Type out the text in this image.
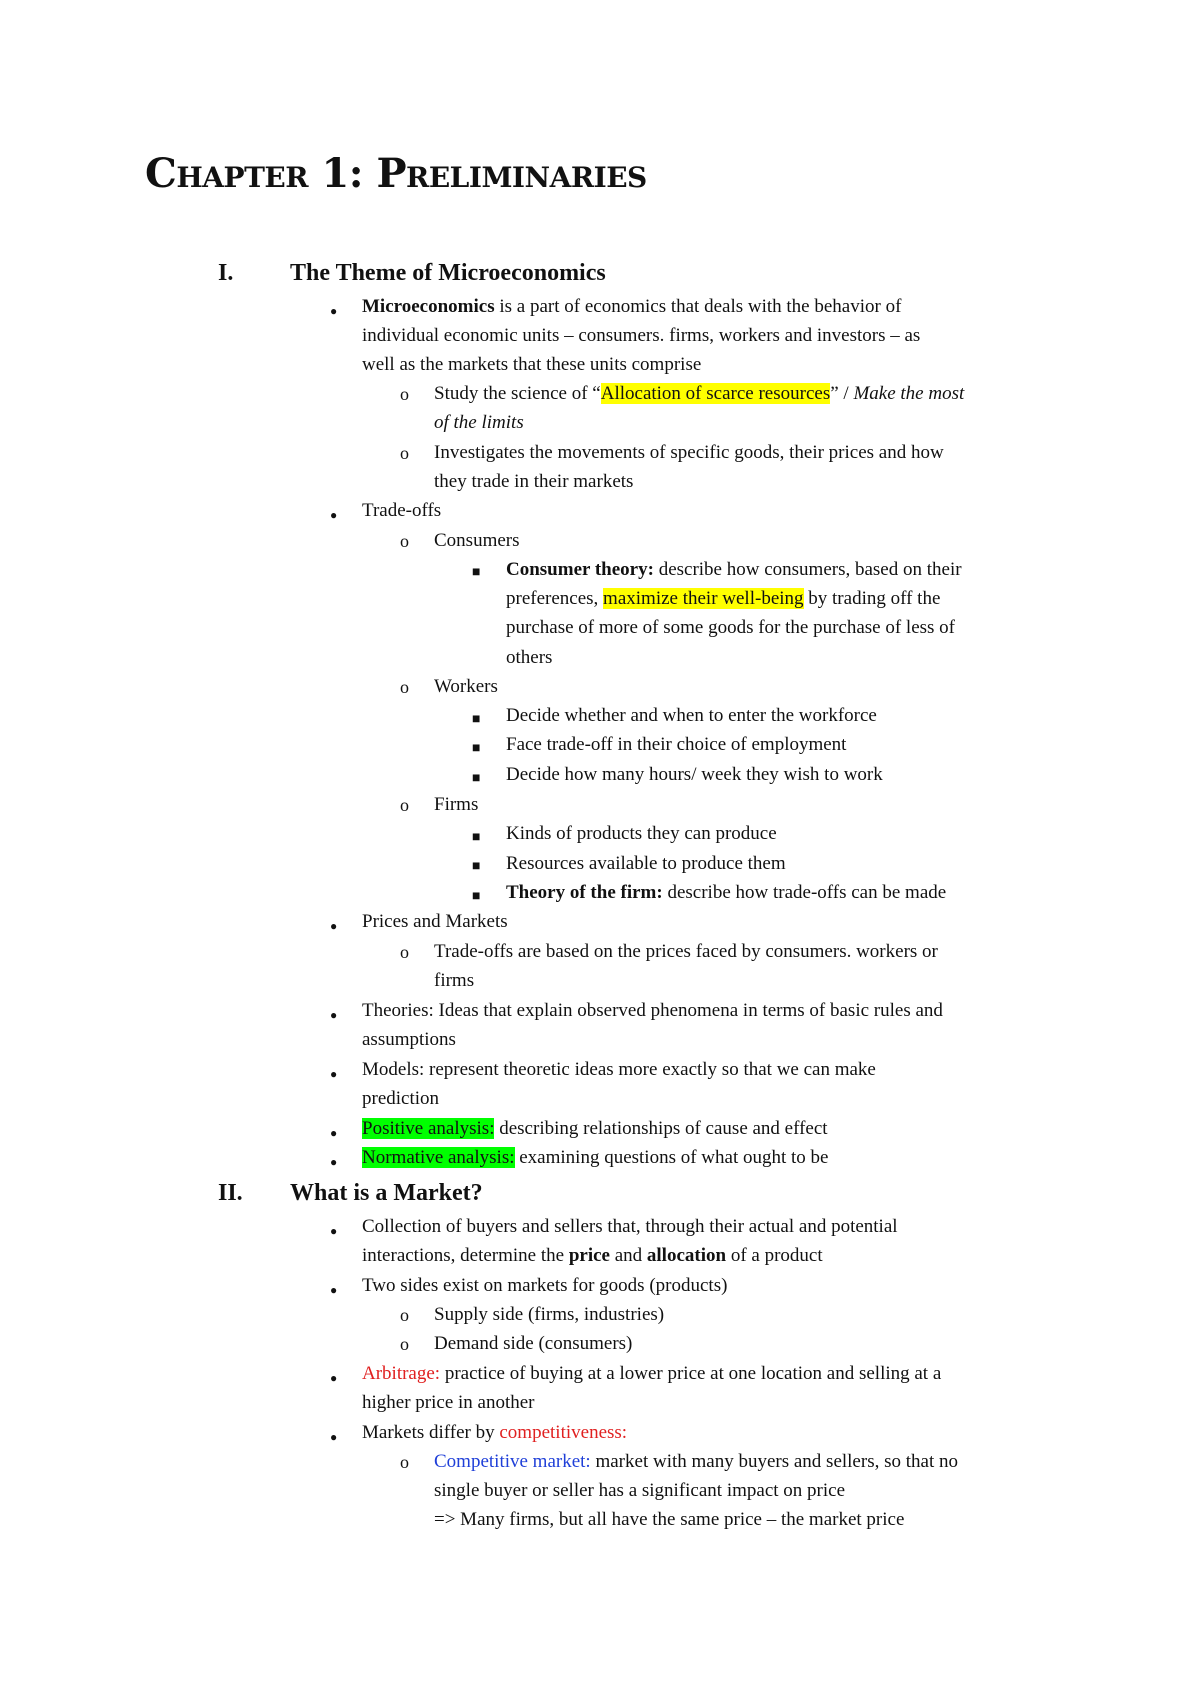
Chapter 1: Preliminaries
I. The Theme of Microeconomics
●
Microeconomics is a part of economics that deals with the behavior of
individual economic units – consumers. firms, workers and investors – as
well as the markets that these units comprise
o
Study the science of “Allocation of scarce resources” / Make the most
of the limits
o
Investigates the movements of specific goods, their prices and how
they trade in their markets
●
Trade-offs
o
Consumers
■
Consumer theory: describe how consumers, based on their
preferences, maximize their well-being by trading off the
purchase of more of some goods for the purchase of less of
others
o
Workers
■
Decide whether and when to enter the workforce
■
Face trade-off in their choice of employment
■
Decide how many hours/ week they wish to work
o
Firms
■
Kinds of products they can produce
■
Resources available to produce them
■
Theory of the firm: describe how trade-offs can be made
●
Prices and Markets
o
Trade-offs are based on the prices faced by consumers. workers or
firms
●
Theories: Ideas that explain observed phenomena in terms of basic rules and
assumptions
●
Models: represent theoretic ideas more exactly so that we can make
prediction
●
Positive analysis: describing relationships of cause and effect
●
Normative analysis: examining questions of what ought to be
II. What is a Market?
●
Collection of buyers and sellers that, through their actual and potential
interactions, determine the price and allocation of a product
●
Two sides exist on markets for goods (products)
o
Supply side (firms, industries)
o
Demand side (consumers)
●
Arbitrage: practice of buying at a lower price at one location and selling at a
higher price in another
●
Markets differ by competitiveness:
o
Competitive market: market with many buyers and sellers, so that no
single buyer or seller has a significant impact on price
=> Many firms, but all have the same price – the market price
